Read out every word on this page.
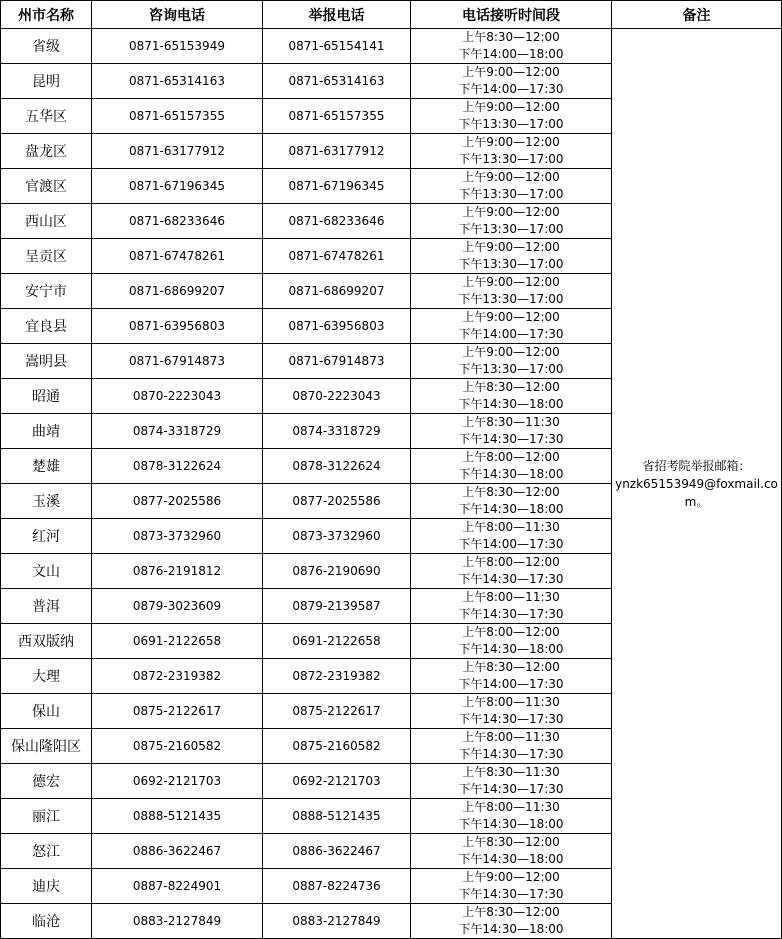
州市名称	咨询电话	举报电话	电话接听时间段	备注
省级	0871-65153949	0871-65154141	上午8:30—12:00
下午14:00—18:00	省招考院举报邮箱：
ynzk65153949@foxmail.com。

昆明	0871-65314163	0871-65314163	上午9:00—12:00
下午14:00—17:30	

五华区	0871-65157355	0871-65157355	上午9:00—12:00
下午13:30—17:00	

盘龙区	0871-63177912	0871-63177912	上午9:00—12:00
下午13:30—17:00	

官渡区	0871-67196345	0871-67196345	上午9:00—12:00
下午13:30—17:00	

西山区	0871-68233646	0871-68233646	上午9:00—12:00
下午13:30—17:00	

呈贡区	0871-67478261	0871-67478261	上午9:00—12:00
下午13:30—17:00	

安宁市	0871-68699207	0871-68699207	上午9:00—12:00
下午13:30—17:00	

宜良县	0871-63956803	0871-63956803	上午9:00—12:00
下午14:00—17:30	

嵩明县	0871-67914873	0871-67914873	上午9:00—12:00
下午13:30—17:00	

昭通	0870-2223043	0870-2223043	上午8:30—12:00
下午14:30—18:00	

曲靖	0874-3318729	0874-3318729	上午8:30—11:30
下午14:30—17:30	

楚雄	0878-3122624	0878-3122624	上午8:00—12:00
下午14:30—18:00	

玉溪	0877-2025586	0877-2025586	上午8:30—12:00
下午14:30—18:00	

红河	0873-3732960	0873-3732960	上午8:00—11:30
下午14:00—17:30	

文山	0876-2191812	0876-2190690	上午8:00—12:00
下午14:30—17:30	

普洱	0879-3023609	0879-2139587	上午8:00—11:30
下午14:30—17:30	

西双版纳	0691-2122658	0691-2122658	上午8:00—12:00
下午14:30—18:00	

大理	0872-2319382	0872-2319382	上午8:30—12:00
下午14:00—17:30	

保山	0875-2122617	0875-2122617	上午8:00—11:30
下午14:30—17:30	

保山隆阳区	0875-2160582	0875-2160582	上午8:00—11:30
下午14:30—17:30	

德宏	0692-2121703	0692-2121703	上午8:30—11:30
下午14:30—17:30	

丽江	0888-5121435	0888-5121435	上午8:00—11:30
下午14:30—18:00	

怒江	0886-3622467	0886-3622467	上午8:30—12:00
下午14:30—18:00	

迪庆	0887-8224901	0887-8224736	上午9:00—12:00
下午14:30—17:30	

临沧	0883-2127849	0883-2127849	上午8:30—12:00
下午14:30—18:00	
